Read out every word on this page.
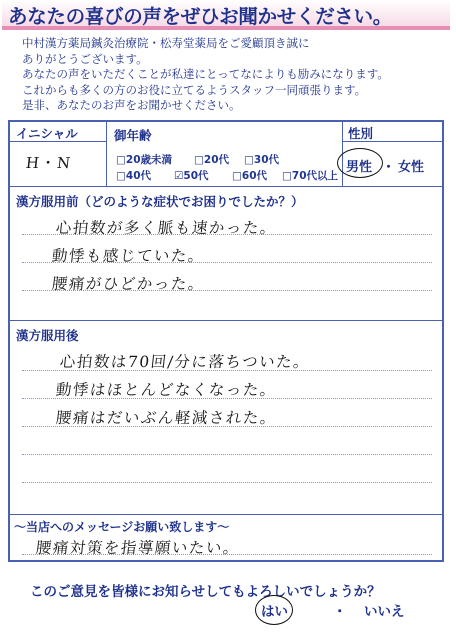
あなたの喜びの声をぜひお聞かせください。
中村漢方薬局鍼灸治療院・松寿堂薬局をご愛顧頂き誠に
ありがとうございます。
あなたの声をいただくことが私達にとってなによりも励みになります。
これからも多くの方のお役に立てるようスタッフ一同頑張ります。
是非、あなたのお声をお聞かせください。
イニシャル
H・N
御年齢
□20歳未満 □20代 □30代
□40代 ☑50代 □60代 □70代以上
性別
男性 ・ 女性
漢方服用前（どのような症状でお困りでしたか？）
心拍数が多く脈も速かった。
動悸も感じていた。
腰痛がひどかった。
漢方服用後
心拍数は70回/分に落ちついた。
動悸はほとんどなくなった。
腰痛はだいぶん軽減された。
～当店へのメッセージお願い致します～
腰痛対策を指導願いたい。
このご意見を皆様にお知らせしてもよろしいでしょうか？
はい	・ いいえ
